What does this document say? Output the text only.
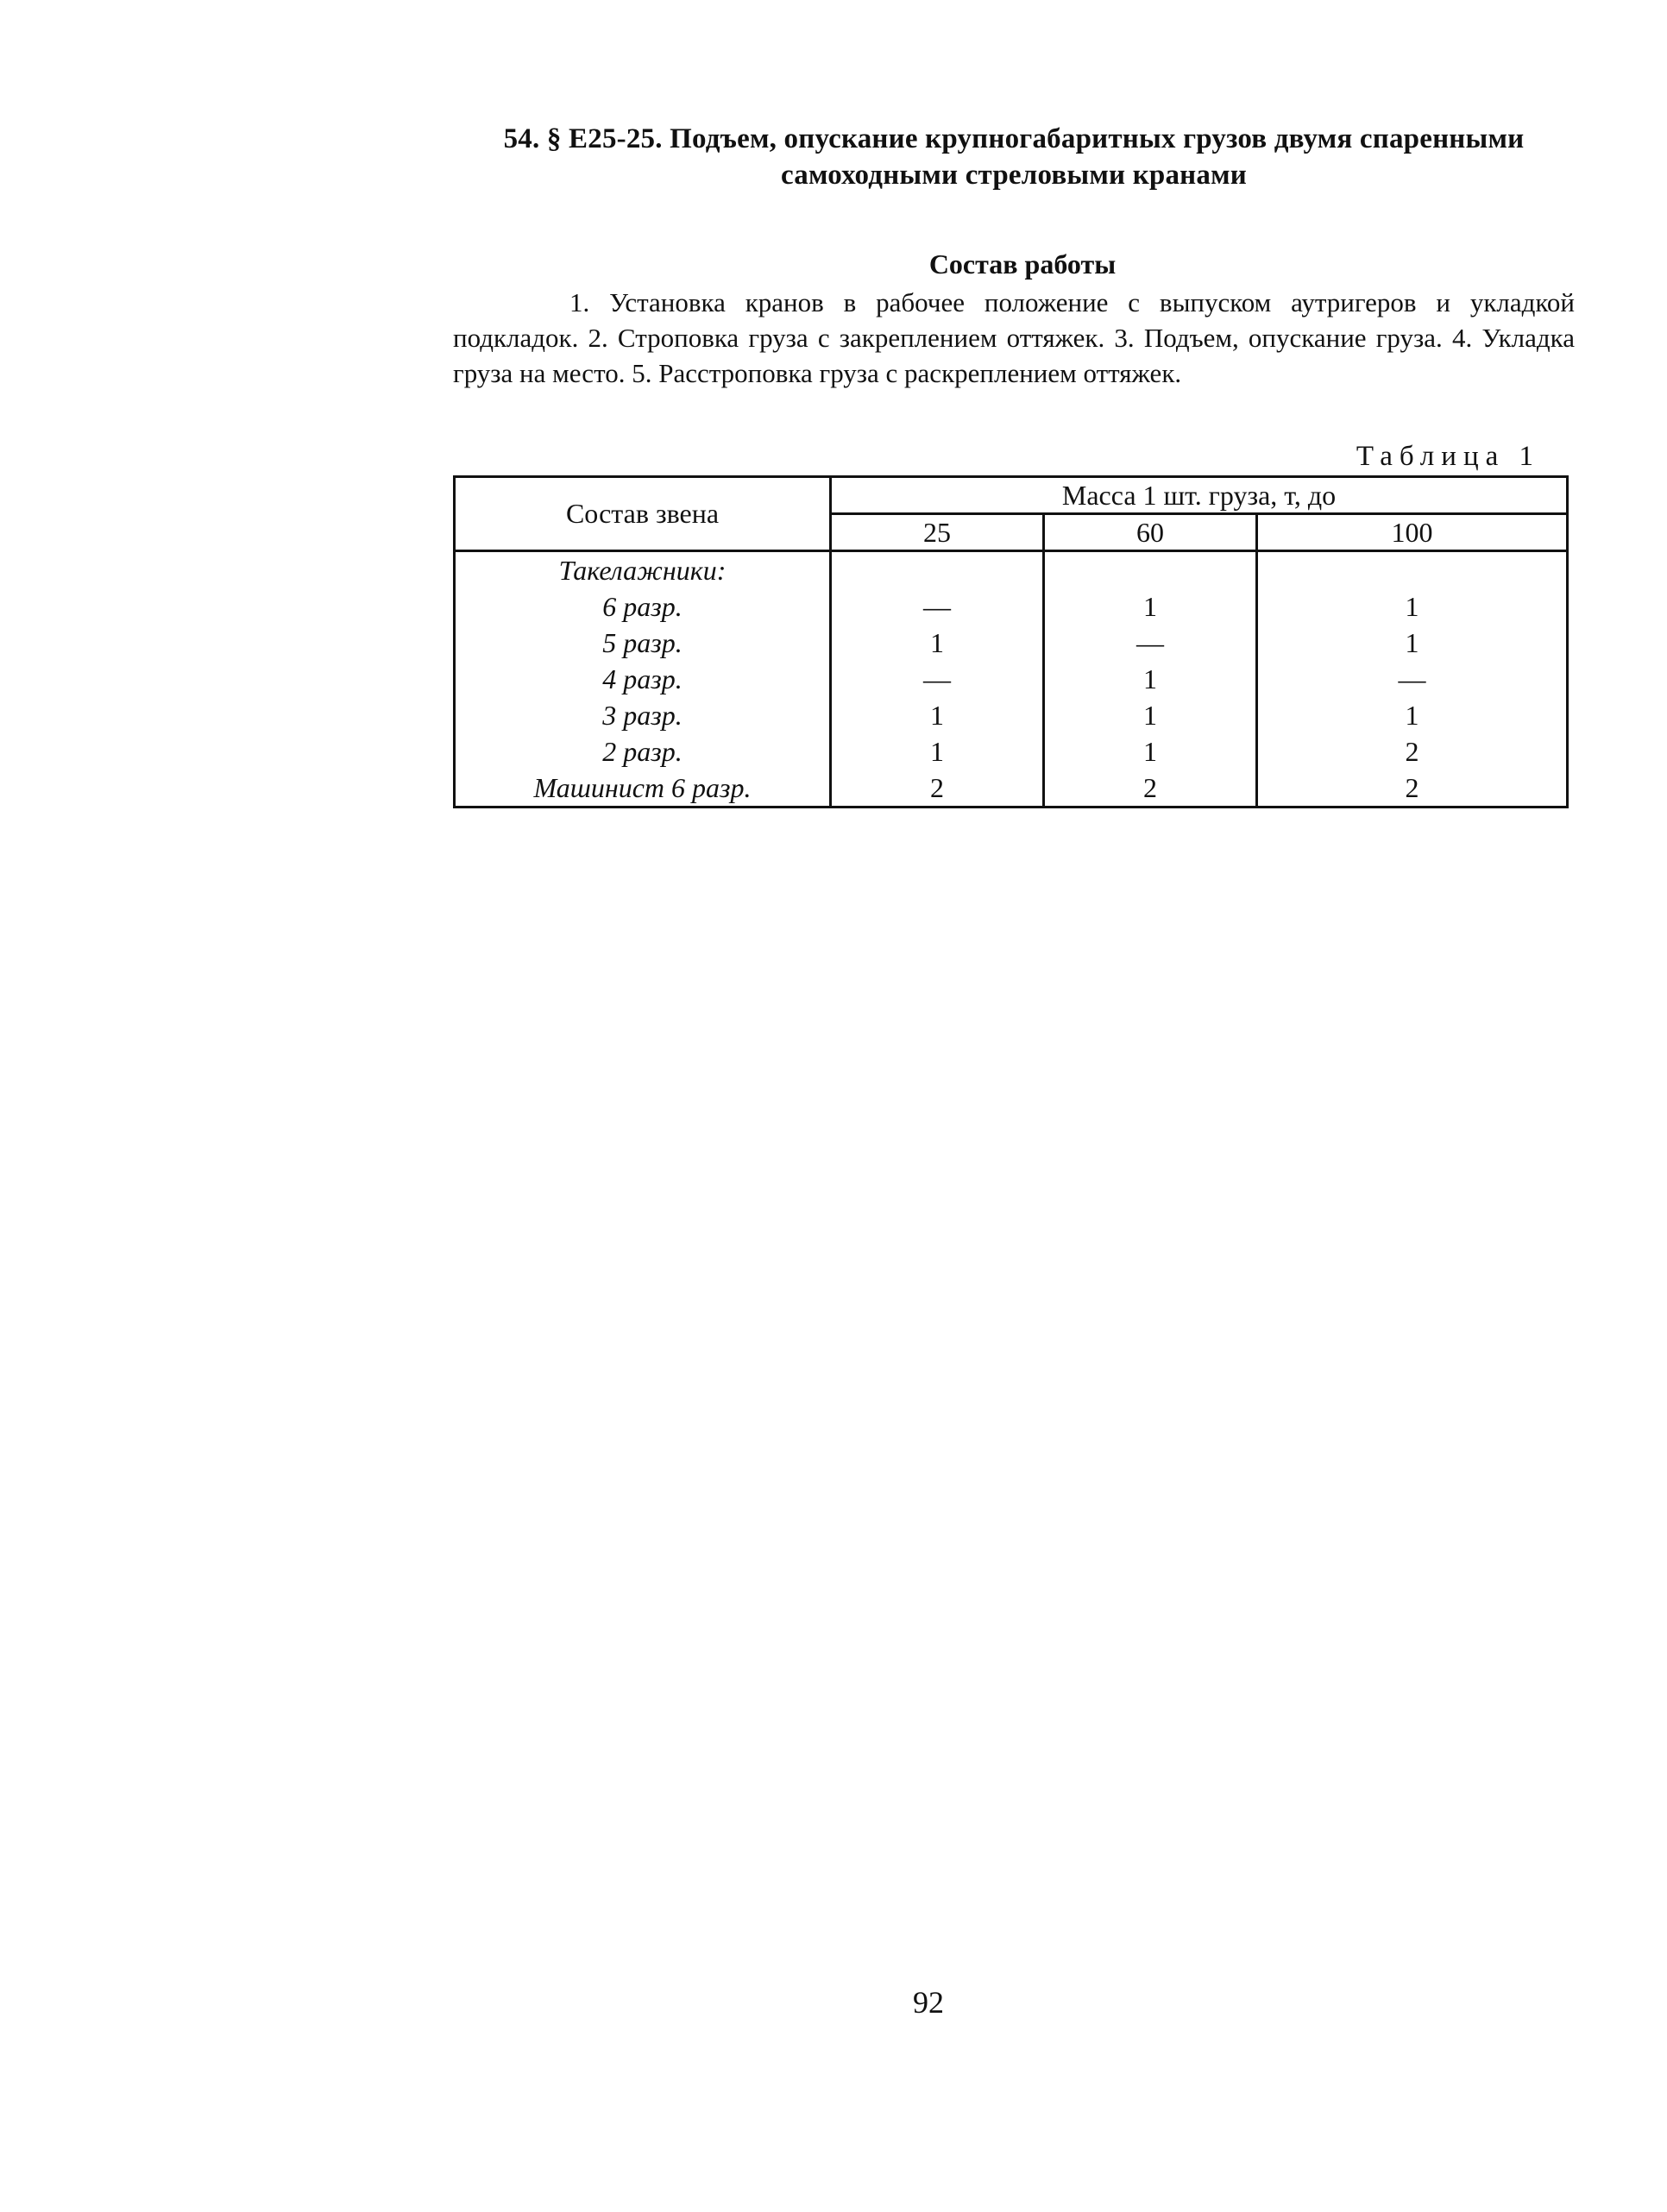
54. § Е25-25. Подъем, опускание крупногабаритных грузов двумя спаренными самоходными стреловыми кранами
Состав работы

1. Установка кранов в рабочее положение с выпуском аутригеров и укладкой подкладок. 2. Строповка груза с закреплением оттяжек. 3. Подъем, опускание груза. 4. Укладка груза на место. 5. Расстроповка груза с раскреплением оттяжек.

Таблица 1
Состав звена	Масса 1 шт. груза, т, до		
	25	60	100
Такелажники:			
6 разр.	—	1	1
5 разр.	1	—	1
4 разр.	—	1	—
3 разр.	1	1	1
2 разр.	1	1	2
Машинист 6 разр.	2	2	2
92
